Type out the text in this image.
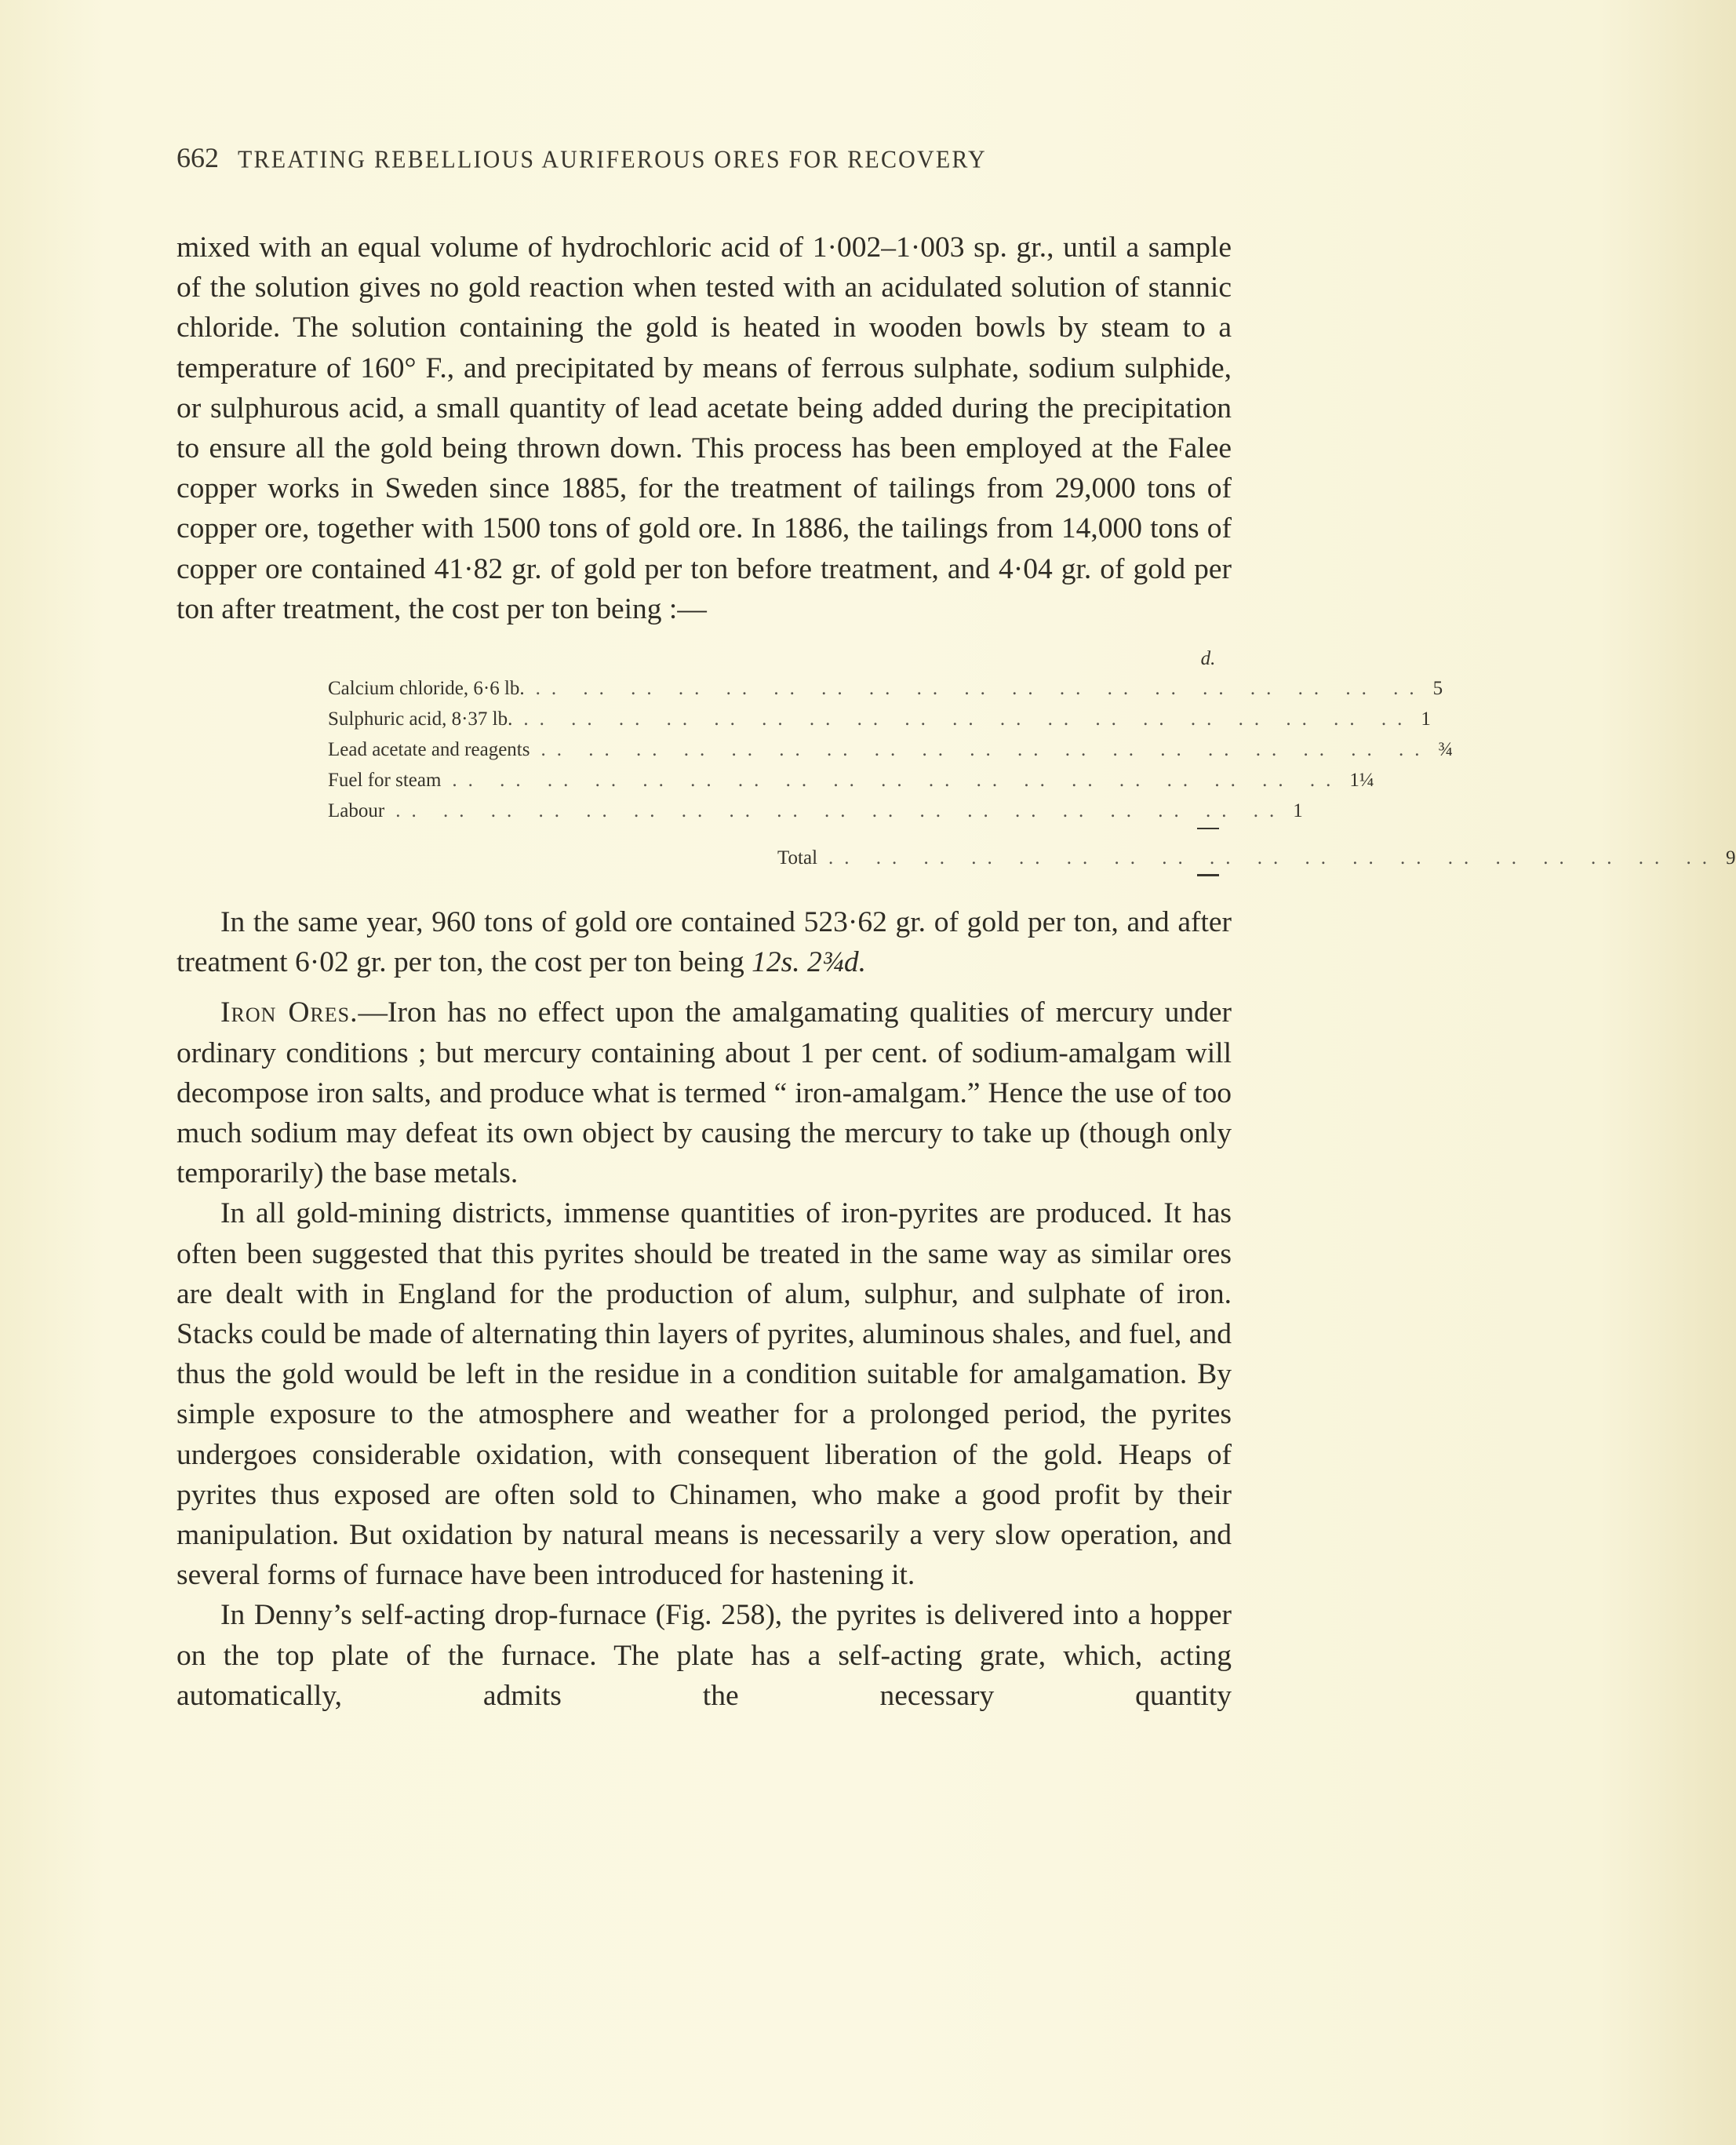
662 TREATING REBELLIOUS AURIFEROUS ORES FOR RECOVERY

mixed with an equal volume of hydrochloric acid of 1·002–1·003 sp. gr., until a sample of the solution gives no gold reaction when tested with an acidulated solution of stannic chloride. The solution containing the gold is heated in wooden bowls by steam to a temperature of 160° F., and precipitated by means of ferrous sulphate, sodium sulphide, or sulphurous acid, a small quantity of lead acetate being added during the precipitation to ensure all the gold being thrown down. This process has been employed at the Falee copper works in Sweden since 1885, for the treatment of tailings from 29,000 tons of copper ore, together with 1500 tons of gold ore. In 1886, the tailings from 14,000 tons of copper ore contained 41·82 gr. of gold per ton before treatment, and 4·04 gr. of gold per ton after treatment, the cost per ton being :—

d.
Calcium chloride, 6·6 lb. .. .. .. .. .. .. .. .. .. .. .. .. .. .. .. .. .. .. .. 5
Sulphuric acid, 8·37 lb. .. .. .. .. .. .. .. .. .. .. .. .. .. .. .. .. .. .. .. 1
Lead acetate and reagents .. .. .. .. .. .. .. .. .. .. .. .. .. .. .. .. .. .. .. ¾
Fuel for steam .. .. .. .. .. .. .. .. .. .. .. .. .. .. .. .. .. .. .. 1¼
Labour .. .. .. .. .. .. .. .. .. .. .. .. .. .. .. .. .. .. .. 1
Total .. .. .. .. .. .. .. .. .. .. .. .. .. .. .. .. .. .. .. 9

In the same year, 960 tons of gold ore contained 523·62 gr. of gold per ton, and after treatment 6·02 gr. per ton, the cost per ton being 12s. 2¾d.

Iron Ores.—Iron has no effect upon the amalgamating qualities of mercury under ordinary conditions ; but mercury containing about 1 per cent. of sodium-amalgam will decompose iron salts, and produce what is termed “ iron-amalgam.” Hence the use of too much sodium may defeat its own object by causing the mercury to take up (though only temporarily) the base metals.

In all gold-mining districts, immense quantities of iron-pyrites are produced. It has often been suggested that this pyrites should be treated in the same way as similar ores are dealt with in England for the production of alum, sulphur, and sulphate of iron. Stacks could be made of alternating thin layers of pyrites, aluminous shales, and fuel, and thus the gold would be left in the residue in a condition suitable for amalgamation. By simple exposure to the atmosphere and weather for a prolonged period, the pyrites undergoes considerable oxidation, with consequent liberation of the gold. Heaps of pyrites thus exposed are often sold to Chinamen, who make a good profit by their manipulation. But oxidation by natural means is necessarily a very slow operation, and several forms of furnace have been introduced for hastening it.

In Denny’s self-acting drop-furnace (Fig. 258), the pyrites is delivered into a hopper on the top plate of the furnace. The plate has a self-acting grate, which, acting automatically, admits the necessary quantity
